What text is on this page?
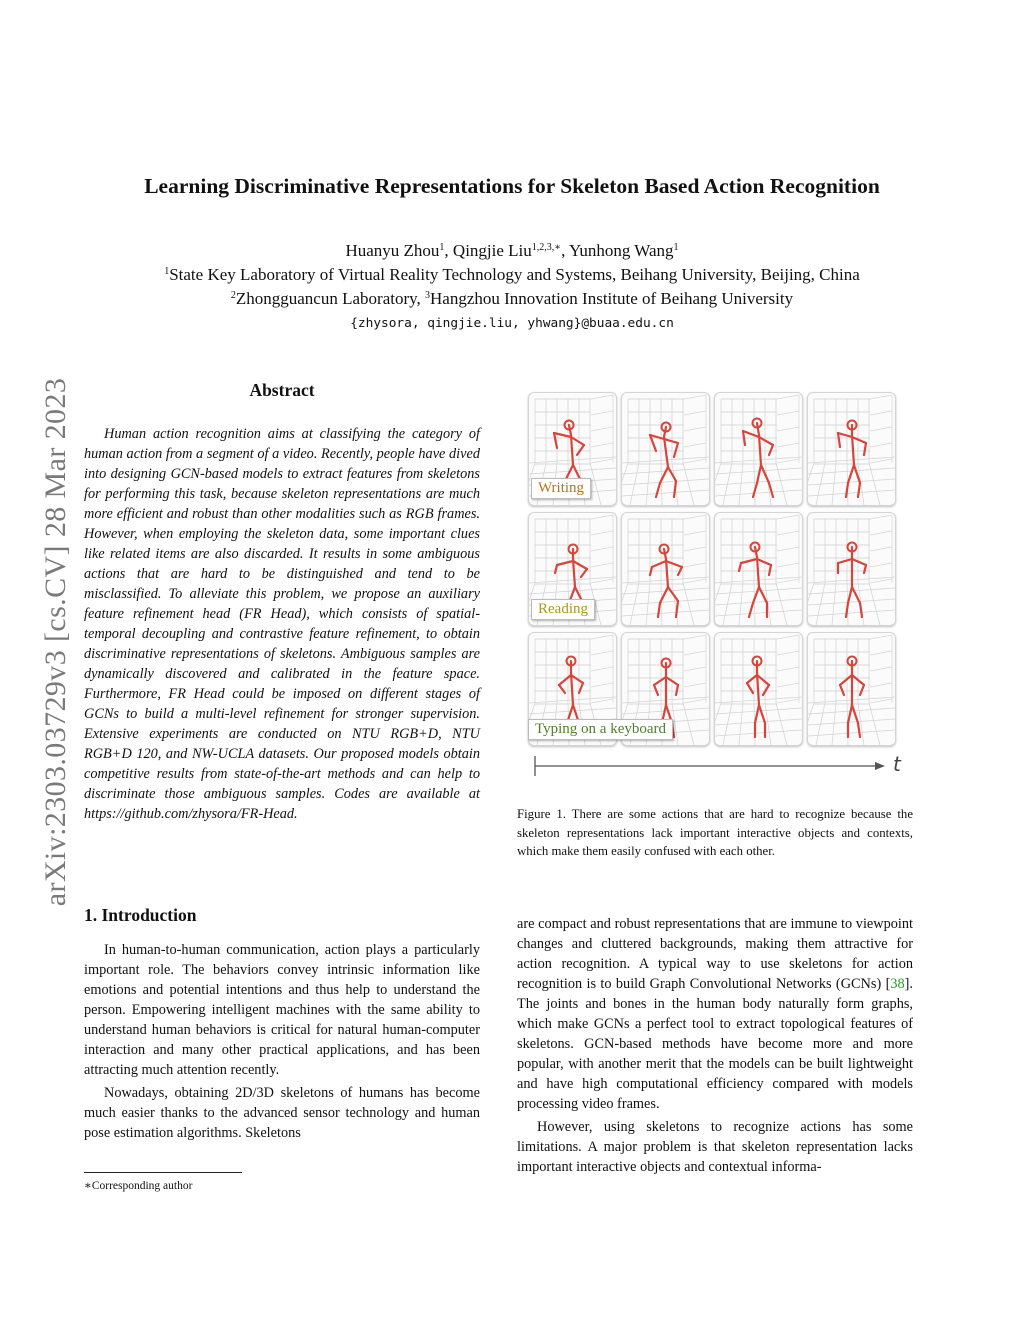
arXiv:2303.03729v3 [cs.CV] 28 Mar 2023
Learning Discriminative Representations for Skeleton Based Action Recognition
Huanyu Zhou$^1$, Qingjie Liu$^{1,2,3,∗}$, Yunhong Wang$^1$
$^1$State Key Laboratory of Virtual Reality Technology and Systems, Beihang University, Beijing, China
$^2$Zhongguancun Laboratory, $^3$Hangzhou Innovation Institute of Beihang University
{zhysora, qingjie.liu, yhwang}@buaa.edu.cn
Abstract
Human action recognition aims at classifying the category of human action from a segment of a video. Recently, people have dived into designing GCN-based models to extract features from skeletons for performing this task, because skeleton representations are much more efficient and robust than other modalities such as RGB frames. However, when employing the skeleton data, some important clues like related items are also discarded. It results in some ambiguous actions that are hard to be distinguished and tend to be misclassified. To alleviate this problem, we propose an auxiliary feature refinement head (FR Head), which consists of spatial-temporal decoupling and contrastive feature refinement, to obtain discriminative representations of skeletons. Ambiguous samples are dynamically discovered and calibrated in the feature space. Furthermore, FR Head could be imposed on different stages of GCNs to build a multi-level refinement for stronger supervision. Extensive experiments are conducted on NTU RGB+D, NTU RGB+D 120, and NW-UCLA datasets. Our proposed models obtain competitive results from state-of-the-art methods and can help to discriminate those ambiguous samples. Codes are available at https://github.com/zhysora/FR-Head.
1. Introduction

In human-to-human communication, action plays a particularly important role. The behaviors convey intrinsic information like emotions and potential intentions and thus help to understand the person. Empowering intelligent machines with the same ability to understand human behaviors is critical for natural human-computer interaction and many other practical applications, and has been attracting much attention recently.

Nowadays, obtaining 2D/3D skeletons of humans has become much easier thanks to the advanced sensor technology and human pose estimation algorithms. Skeletons

∗Corresponding author
Writing
Reading
Typing on a keyboard
t
Figure 1. There are some actions that are hard to recognize because the skeleton representations lack important interactive objects and contexts, which make them easily confused with each other.

are compact and robust representations that are immune to viewpoint changes and cluttered backgrounds, making them attractive for action recognition. A typical way to use skeletons for action recognition is to build Graph Convolutional Networks (GCNs) [38]. The joints and bones in the human body naturally form graphs, which make GCNs a perfect tool to extract topological features of skeletons. GCN-based methods have become more and more popular, with another merit that the models can be built lightweight and have high computational efficiency compared with models processing video frames.

However, using skeletons to recognize actions has some limitations. A major problem is that skeleton representation lacks important interactive objects and contextual informa-
